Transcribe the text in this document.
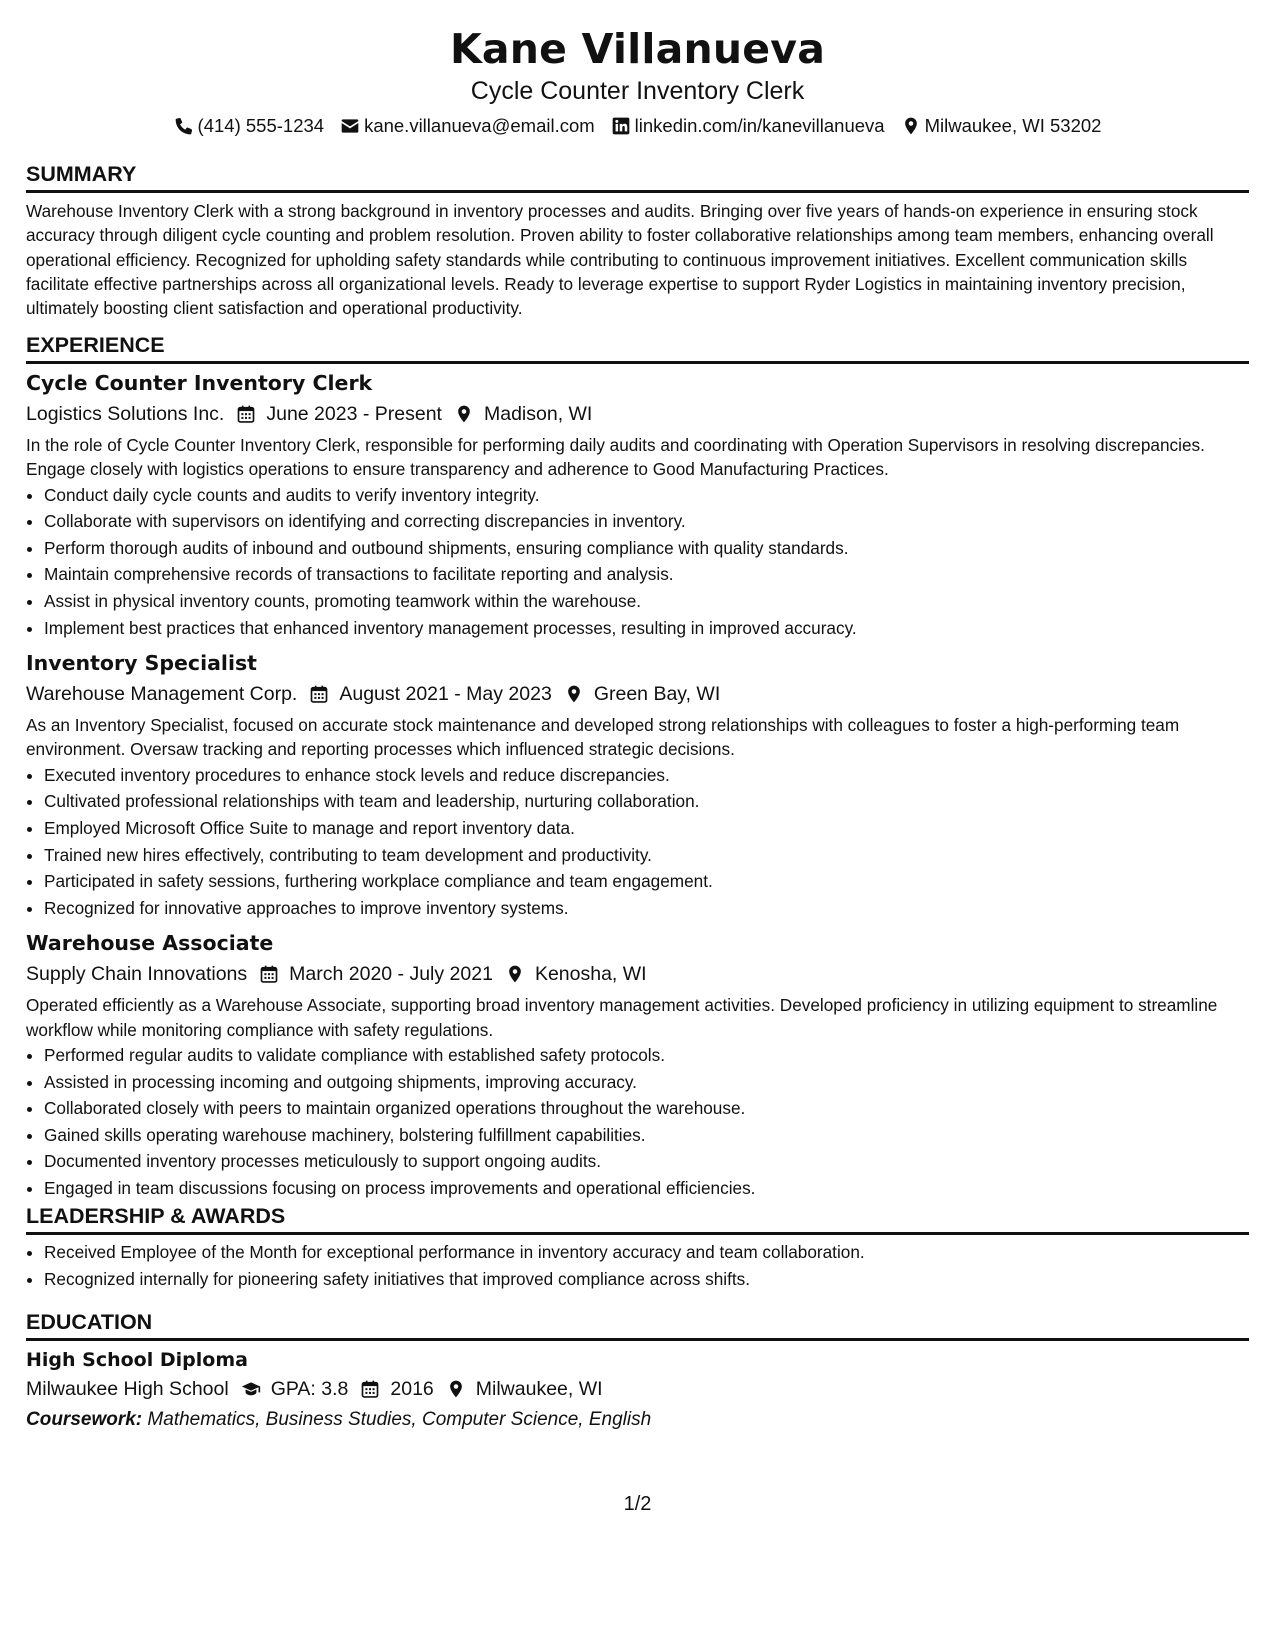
Kane Villanueva
Cycle Counter Inventory Clerk
(414) 555-1234 kane.villanueva@email.com linkedin.com/in/kanevillanueva Milwaukee, WI 53202
SUMMARY

Warehouse Inventory Clerk with a strong background in inventory processes and audits. Bringing over five years of hands-on experience in ensuring stock accuracy through diligent cycle counting and problem resolution. Proven ability to foster collaborative relationships among team members, enhancing overall operational efficiency. Recognized for upholding safety standards while contributing to continuous improvement initiatives. Excellent communication skills facilitate effective partnerships across all organizational levels. Ready to leverage expertise to support Ryder Logistics in maintaining inventory precision, ultimately boosting client satisfaction and operational productivity.

EXPERIENCE
Cycle Counter Inventory Clerk
Logistics Solutions Inc. June 2023 - Present Madison, WI

In the role of Cycle Counter Inventory Clerk, responsible for performing daily audits and coordinating with Operation Supervisors in resolving discrepancies. Engage closely with logistics operations to ensure transparency and adherence to Good Manufacturing Practices.

• Conduct daily cycle counts and audits to verify inventory integrity.
• Collaborate with supervisors on identifying and correcting discrepancies in inventory.
• Perform thorough audits of inbound and outbound shipments, ensuring compliance with quality standards.
• Maintain comprehensive records of transactions to facilitate reporting and analysis.
• Assist in physical inventory counts, promoting teamwork within the warehouse.
• Implement best practices that enhanced inventory management processes, resulting in improved accuracy.
Inventory Specialist
Warehouse Management Corp. August 2021 - May 2023 Green Bay, WI

As an Inventory Specialist, focused on accurate stock maintenance and developed strong relationships with colleagues to foster a high-performing team environment. Oversaw tracking and reporting processes which influenced strategic decisions.

• Executed inventory procedures to enhance stock levels and reduce discrepancies.
• Cultivated professional relationships with team and leadership, nurturing collaboration.
• Employed Microsoft Office Suite to manage and report inventory data.
• Trained new hires effectively, contributing to team development and productivity.
• Participated in safety sessions, furthering workplace compliance and team engagement.
• Recognized for innovative approaches to improve inventory systems.
Warehouse Associate
Supply Chain Innovations March 2020 - July 2021 Kenosha, WI

Operated efficiently as a Warehouse Associate, supporting broad inventory management activities. Developed proficiency in utilizing equipment to streamline workflow while monitoring compliance with safety regulations.

• Performed regular audits to validate compliance with established safety protocols.
• Assisted in processing incoming and outgoing shipments, improving accuracy.
• Collaborated closely with peers to maintain organized operations throughout the warehouse.
• Gained skills operating warehouse machinery, bolstering fulfillment capabilities.
• Documented inventory processes meticulously to support ongoing audits.
• Engaged in team discussions focusing on process improvements and operational efficiencies.
LEADERSHIP & AWARDS
• Received Employee of the Month for exceptional performance in inventory accuracy and team collaboration.
• Recognized internally for pioneering safety initiatives that improved compliance across shifts.
EDUCATION
High School Diploma
Milwaukee High School GPA: 3.8 2016 Milwaukee, WI
Coursework: Mathematics, Business Studies, Computer Science, English
1/2
